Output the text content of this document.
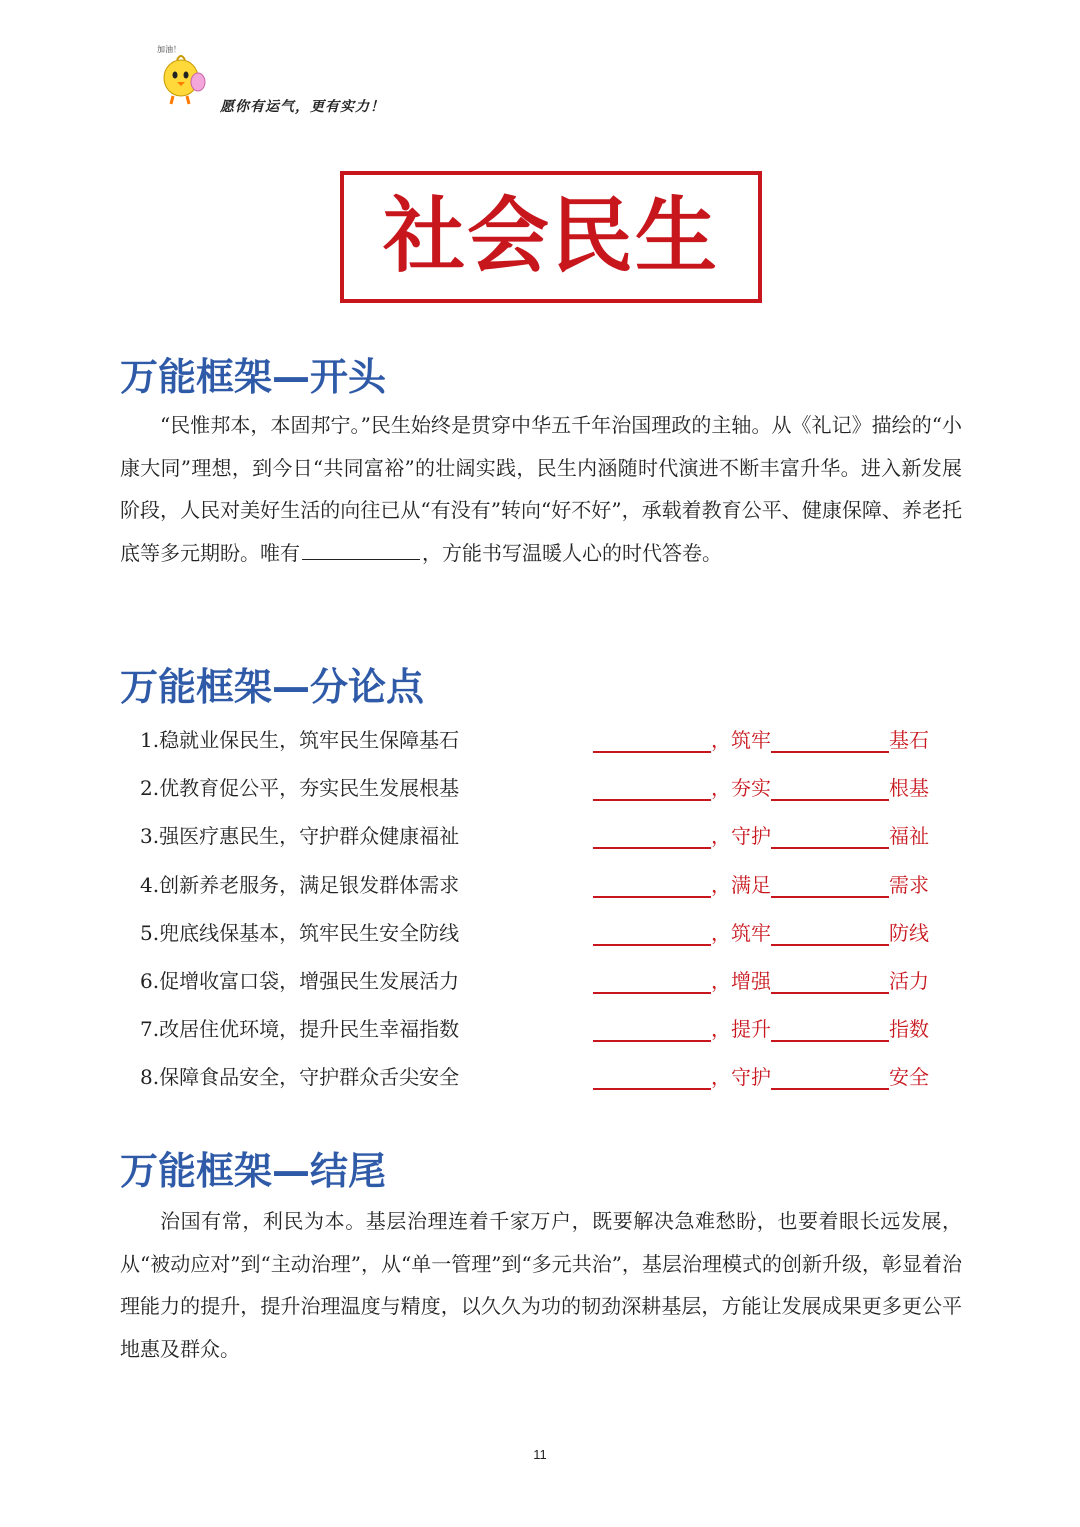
加油！
愿你有运气，更有实力！
社会民生
万能框架—开头

“民惟邦本，本固邦宁。”民生始终是贯穿中华五千年治国理政的主轴。从《礼记》描绘的“小康大同”理想，到今日“共同富裕”的壮阔实践，民生内涵随时代演进不断丰富升华。进入新发展阶段，人民对美好生活的向往已从“有没有”转向“好不好”，承载着教育公平、健康保障、养老托底等多元期盼。唯有	，方能书写温暖人心的时代答卷。

万能框架—分论点
1.稳就业保民生，筑牢民生保障基石	，筑牢	基石
2.优教育促公平，夯实民生发展根基	，夯实	根基
3.强医疗惠民生，守护群众健康福祉	，守护	福祉
4.创新养老服务，满足银发群体需求	，满足	需求
5.兜底线保基本，筑牢民生安全防线	，筑牢	防线
6.促增收富口袋，增强民生发展活力	，增强	活力
7.改居住优环境，提升民生幸福指数	，提升	指数
8.保障食品安全，守护群众舌尖安全	，守护	安全
万能框架—结尾

治国有常，利民为本。基层治理连着千家万户，既要解决急难愁盼，也要着眼长远发展，从“被动应对”到“主动治理”，从“单一管理”到“多元共治”，基层治理模式的创新升级，彰显着治理能力的提升，提升治理温度与精度，以久久为功的韧劲深耕基层，方能让发展成果更多更公平地惠及群众。

11
